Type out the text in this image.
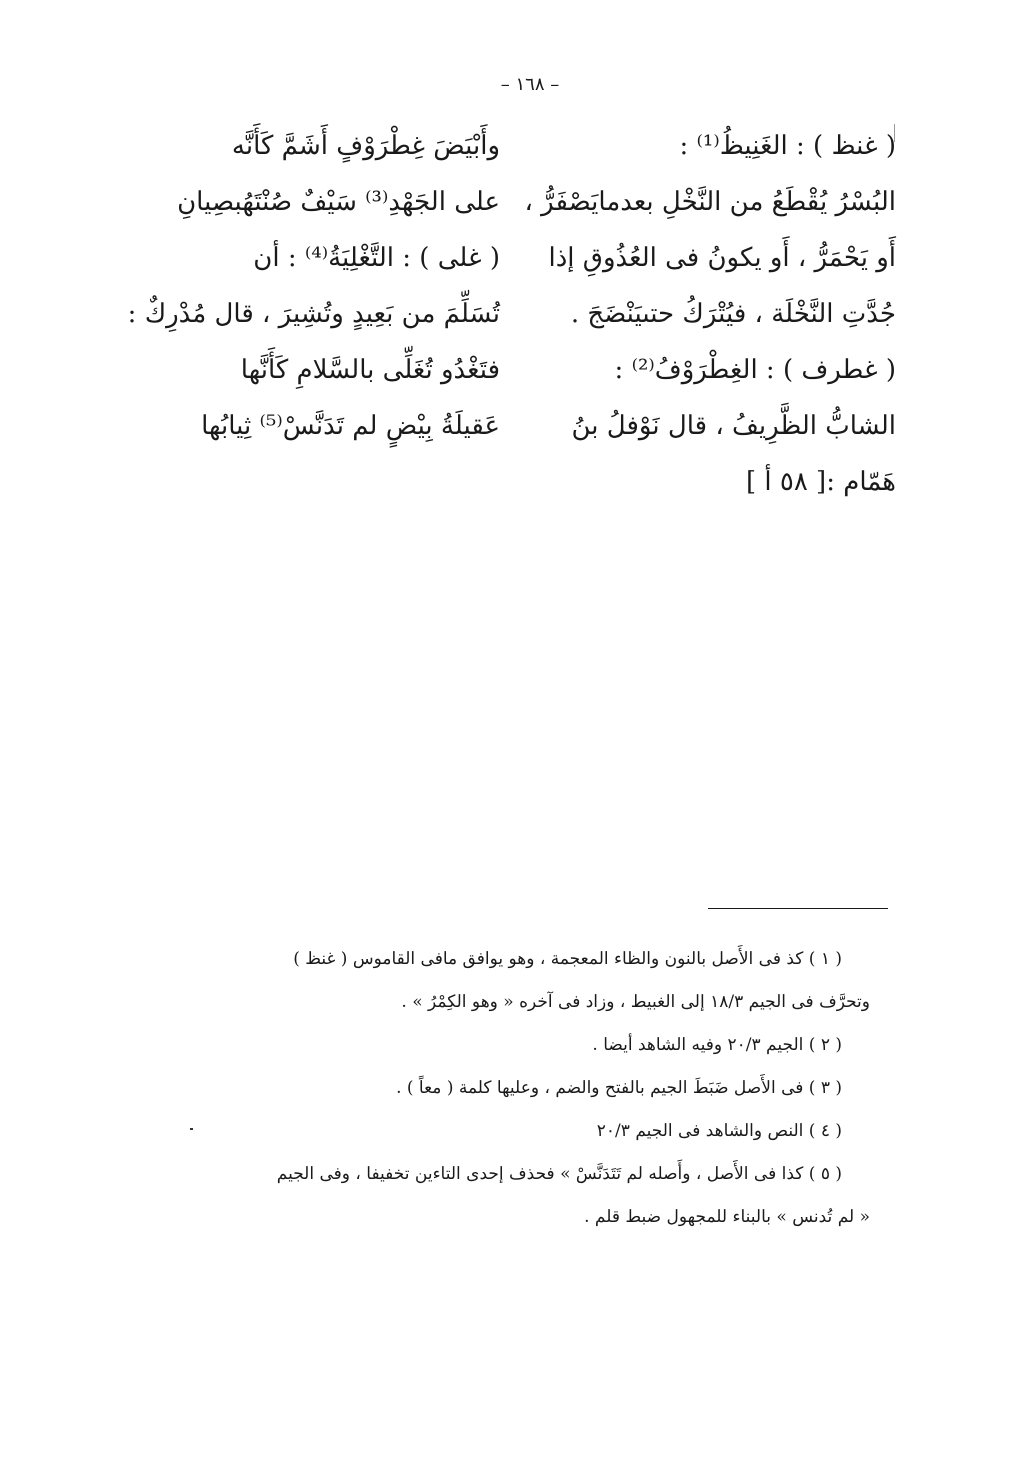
– ١٦٨ –
( غنظ ) : الغَنِيظُ⁽¹⁾ :
البُسْرُ يُقْطَعُ من النَّخْلِ بعدمايَصْفَرُّ ،
أَو يَحْمَرُّ ، أَو يكونُ فى العُذُوقِ إذا
جُدَّتِ النَّخْلَة ، فيُتْرَكُ حتىيَنْضَجَ .
( غطرف ) : الغِطْرَوْفُ⁽²⁾ :
الشابُّ الظَّرِيفُ ، قال نَوْفلُ بنُ
هَمّام :[ ٥٨ أ ]
وأَبْيَضَ غِطْرَوْفٍ أَشَمَّ كَأَنَّه
على الجَهْدِ⁽³⁾ سَيْفٌ صُنْتَهُبصِيانِ
( غلى ) : التَّغْلِيَةُ⁽⁴⁾ : أن
تُسَلِّمَ من بَعِيدٍ وتُشِيرَ ، قال مُدْرِكٌ :
فتَغْدُو تُغَلِّى بالسَّلامِ كَأَنَّها
عَقيلَةُ بِيْضٍ لم تَدَنَّسْ⁽⁵⁾ ثِيابُها
( ١ ) كذ فى الأَصل بالنون والظاء المعجمة ، وهو يوافق مافى القاموس ( غنظ )
وتحرَّف فى الجيم ١٨/٣ إلى الغبيط ، وزاد فى آخره « وهو الكِمْرُ » .
( ٢ ) الجيم ٢٠/٣ وفيه الشاهد أيضا .
( ٣ ) فى الأَصل ضَبَطَ الجيم بالفتح والضم ، وعليها كلمة ( معاً ) .
( ٤ ) النص والشاهد فى الجيم ٢٠/٣
( ٥ ) كذا فى الأَصل ، وأَصله لم تَتَدَنَّسْ » فحذف إحدى التاءين تخفيفا ، وفى الجيم
« لم تُدنس » بالبناء للمجهول ضبط قلم .
